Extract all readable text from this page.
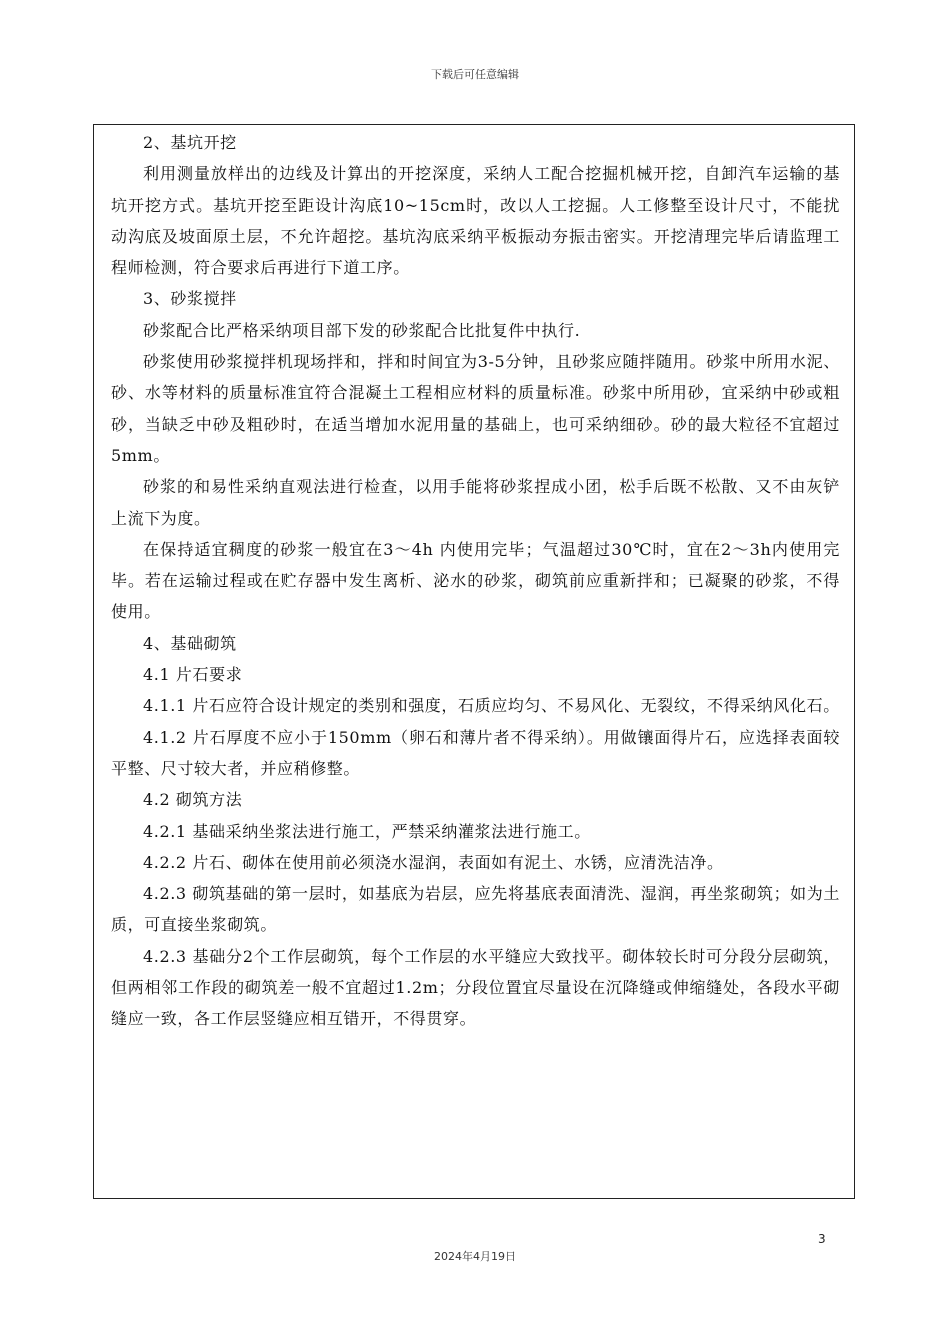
下载后可任意编辑

2、基坑开挖

利用测量放样出的边线及计算出的开挖深度，采纳人工配合挖掘机械开挖，自卸汽车运输的基坑开挖方式。基坑开挖至距设计沟底10~15cm时，改以人工挖掘。人工修整至设计尺寸，不能扰动沟底及坡面原土层，不允许超挖。基坑沟底采纳平板振动夯振击密实。开挖清理完毕后请监理工程师检测，符合要求后再进行下道工序。

3、砂浆搅拌

砂浆配合比严格采纳项目部下发的砂浆配合比批复件中执行.

砂浆使用砂浆搅拌机现场拌和，拌和时间宜为3-5分钟，且砂浆应随拌随用。砂浆中所用水泥、砂、水等材料的质量标准宜符合混凝土工程相应材料的质量标准。砂浆中所用砂，宜采纳中砂或粗砂，当缺乏中砂及粗砂时，在适当增加水泥用量的基础上，也可采纳细砂。砂的最大粒径不宜超过5mm。

砂浆的和易性采纳直观法进行检查，以用手能将砂浆捏成小团，松手后既不松散、又不由灰铲上流下为度。

在保持适宜稠度的砂浆一般宜在3～4h 内使用完毕；气温超过30℃时，宜在2～3h内使用完毕。若在运输过程或在贮存器中发生离析、泌水的砂浆，砌筑前应重新拌和；已凝聚的砂浆，不得使用。

4、基础砌筑

4.1 片石要求

4.1.1 片石应符合设计规定的类别和强度，石质应均匀、不易风化、无裂纹，不得采纳风化石。

4.1.2 片石厚度不应小于150mm（卵石和薄片者不得采纳）。用做镶面得片石，应选择表面较平整、尺寸较大者，并应稍修整。

4.2 砌筑方法

4.2.1 基础采纳坐浆法进行施工，严禁采纳灌浆法进行施工。

4.2.2 片石、砌体在使用前必须浇水湿润，表面如有泥土、水锈，应清洗洁净。

4.2.3 砌筑基础的第一层时，如基底为岩层，应先将基底表面清洗、湿润，再坐浆砌筑；如为土质，可直接坐浆砌筑。

4.2.3 基础分2个工作层砌筑，每个工作层的水平缝应大致找平。砌体较长时可分段分层砌筑，但两相邻工作段的砌筑差一般不宜超过1.2m；分段位置宜尽量设在沉降缝或伸缩缝处，各段水平砌缝应一致，各工作层竖缝应相互错开，不得贯穿。

3
2024年4月19日
